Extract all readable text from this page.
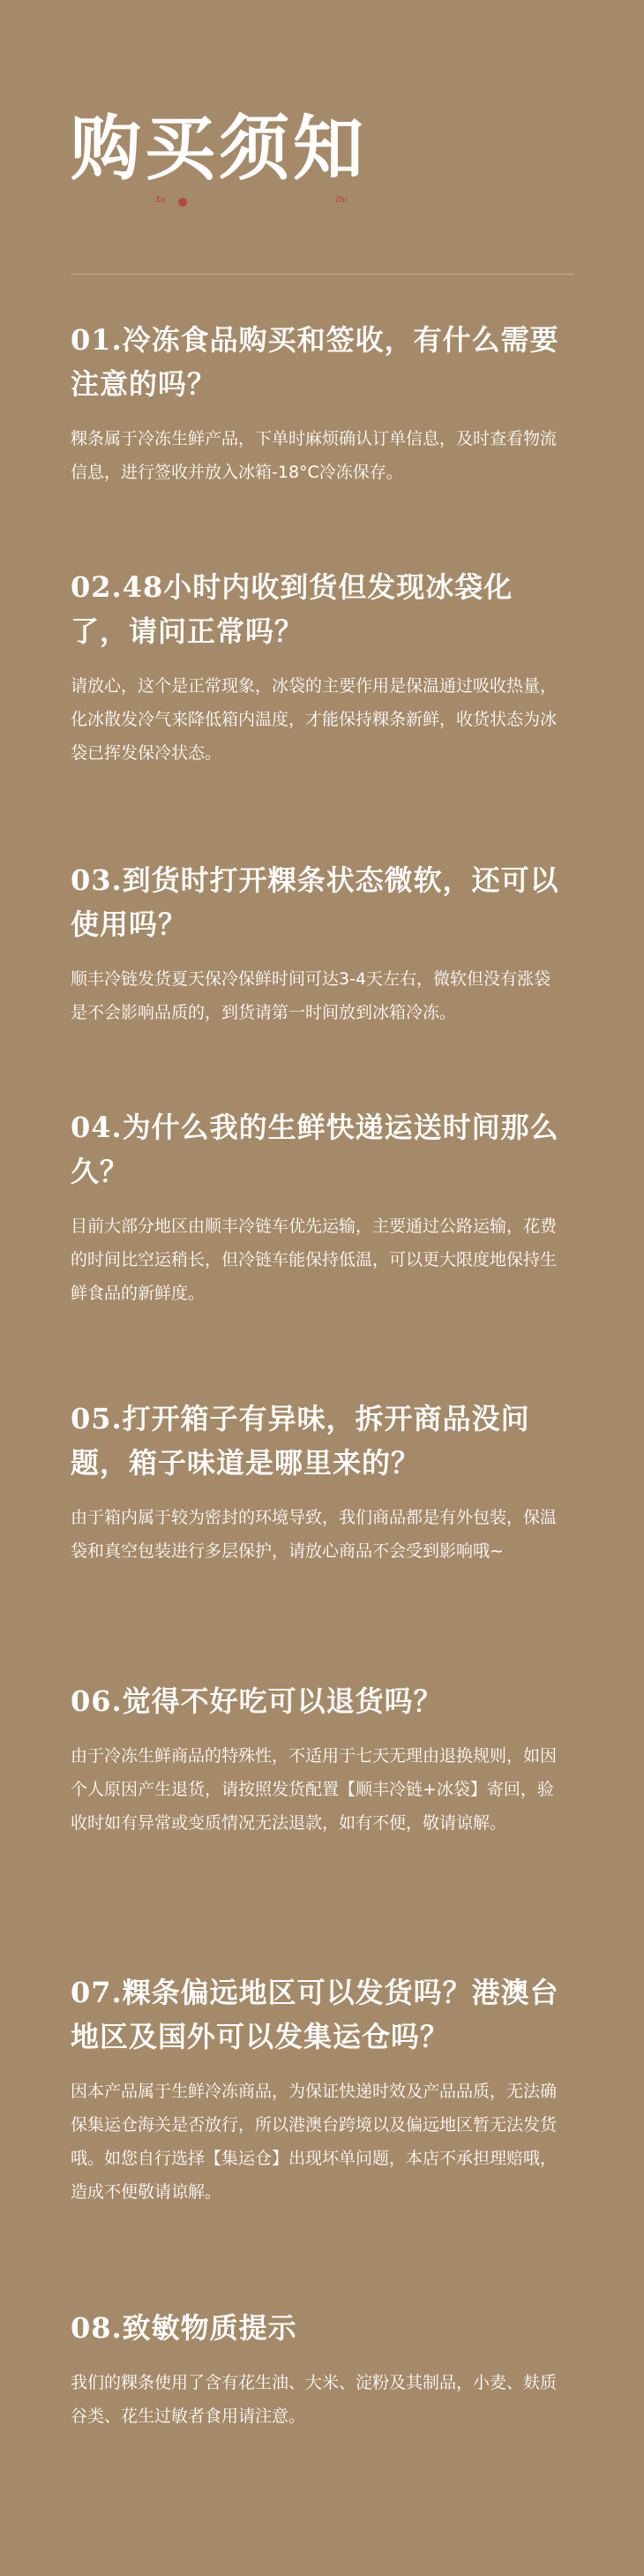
购买须知
Xu	Zhi
01.冷冻食品购买和签收，有什么需要注意的吗？
粿条属于冷冻生鲜产品，下单时麻烦确认订单信息，及时查看物流信息，进行签收并放入冰箱-18°C冷冻保存。
02.48小时内收到货但发现冰袋化了，请问正常吗？
请放心，这个是正常现象，冰袋的主要作用是保温通过吸收热量，化冰散发冷气来降低箱内温度，才能保持粿条新鲜，收货状态为冰袋已挥发保冷状态。
03.到货时打开粿条状态微软，还可以使用吗？
顺丰冷链发货夏天保冷保鲜时间可达3-4天左右，微软但没有涨袋是不会影响品质的，到货请第一时间放到冰箱冷冻。
04.为什么我的生鲜快递运送时间那么久？
目前大部分地区由顺丰冷链车优先运输，主要通过公路运输，花费的时间比空运稍长，但冷链车能保持低温，可以更大限度地保持生鲜食品的新鲜度。
05.打开箱子有异味，拆开商品没问题，箱子味道是哪里来的？
由于箱内属于较为密封的环境导致，我们商品都是有外包装，保温袋和真空包装进行多层保护，请放心商品不会受到影响哦~
06.觉得不好吃可以退货吗？
由于冷冻生鲜商品的特殊性，不适用于七天无理由退换规则，如因个人原因产生退货，请按照发货配置【顺丰冷链+冰袋】寄回，验收时如有异常或变质情况无法退款，如有不便，敬请谅解。
07.粿条偏远地区可以发货吗？港澳台地区及国外可以发集运仓吗？
因本产品属于生鲜冷冻商品，为保证快递时效及产品品质，无法确保集运仓海关是否放行，所以港澳台跨境以及偏远地区暂无法发货哦。如您自行选择【集运仓】出现坏单问题，本店不承担理赔哦，造成不便敬请谅解。
08.致敏物质提示
我们的粿条使用了含有花生油、大米、淀粉及其制品，小麦、麸质谷类、花生过敏者食用请注意。
